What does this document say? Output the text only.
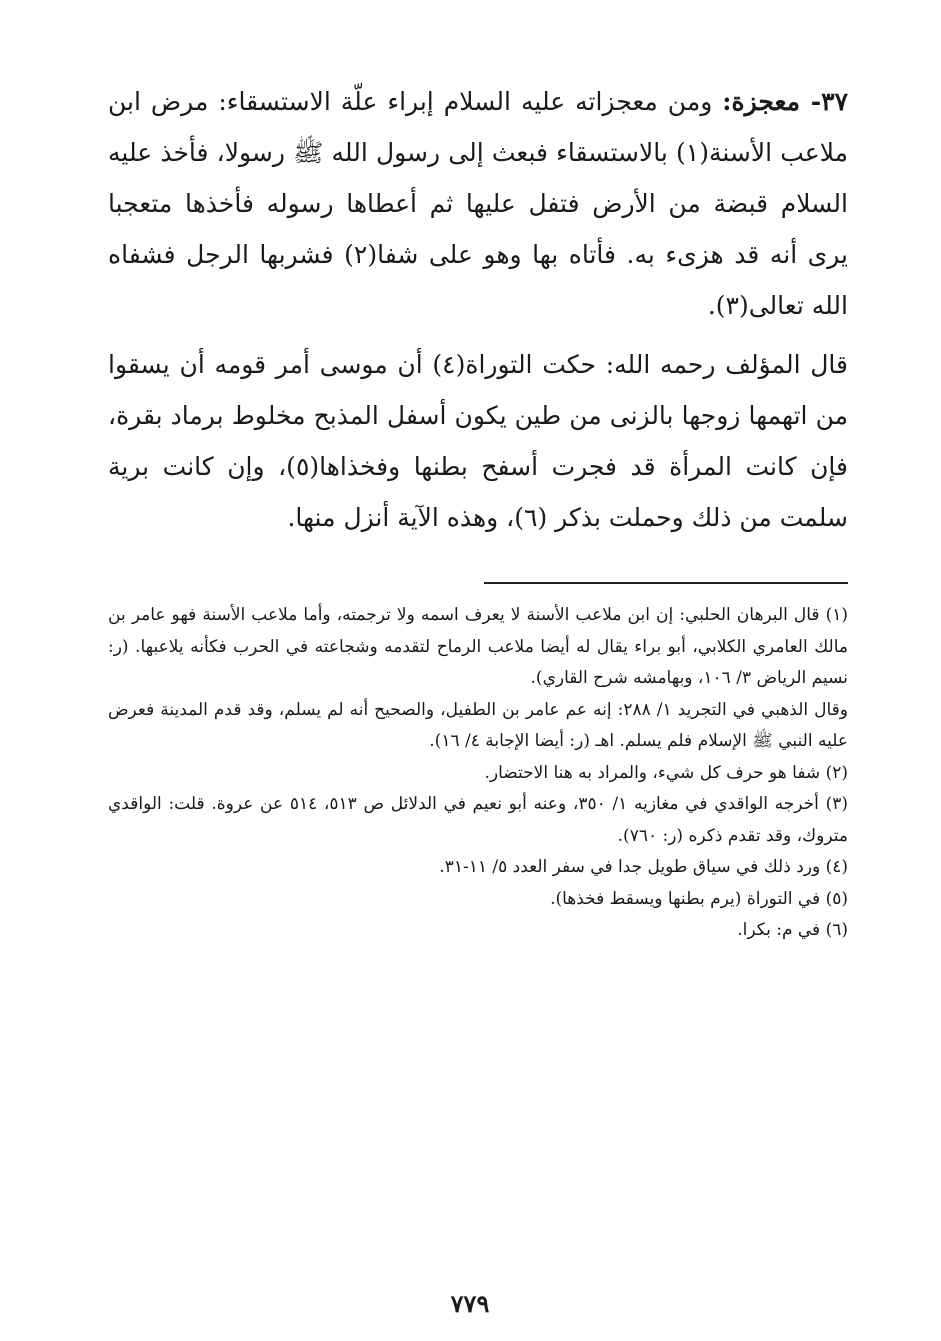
٣٧- معجزة: ومن معجزاته عليه السلام إبراء علّة الاستسقاء: مرض ابن ملاعب الأسنة(١) بالاستسقاء فبعث إلى رسول الله ﷺ رسولا، فأخذ عليه السلام قبضة من الأرض فتفل عليها ثم أعطاها رسوله فأخذها متعجبا يرى أنه قد هزىء به. فأتاه بها وهو على شفا(٢) فشربها الرجل فشفاه الله تعالى(٣).

قال المؤلف رحمه الله: حكت التوراة(٤) أن موسى أمر قومه أن يسقوا من اتهمها زوجها بالزنى من طين يكون أسفل المذبح مخلوط برماد بقرة، فإن كانت المرأة قد فجرت أسفح بطنها وفخذاها(٥)، وإن كانت برية سلمت من ذلك وحملت بذكر (٦)، وهذه الآية أنزل منها.

(١) قال البرهان الحلبي: إن ابن ملاعب الأسنة لا يعرف اسمه ولا ترجمته، وأما ملاعب الأسنة فهو عامر بن مالك العامري الكلابي، أبو براء يقال له أيضا ملاعب الرماح لتقدمه وشجاعته في الحرب فكأنه يلاعبها. (ر: نسيم الرياض ٣/ ١٠٦، وبهامشه شرح القاري).

وقال الذهبي في التجريد ١/ ٢٨٨: إنه عم عامر بن الطفيل، والصحيح أنه لم يسلم، وقد قدم المدينة فعرض عليه النبي ﷺ الإسلام فلم يسلم. اهـ (ر: أيضا الإجابة ٤/ ١٦).

(٢) شفا هو حرف كل شيء، والمراد به هنا الاحتضار.

(٣) أخرجه الواقدي في مغازيه ١/ ٣٥٠، وعنه أبو نعيم في الدلائل ص ٥١٣، ٥١٤ عن عروة. قلت: الواقدي متروك، وقد تقدم ذكره (ر: ٧٦٠).

(٤) ورد ذلك في سياق طويل جدا في سفر العدد ٥/ ١١-٣١.

(٥) في التوراة (يرم بطنها ويسقط فخذها).

(٦) في م: بكرا.

٧٧٩
